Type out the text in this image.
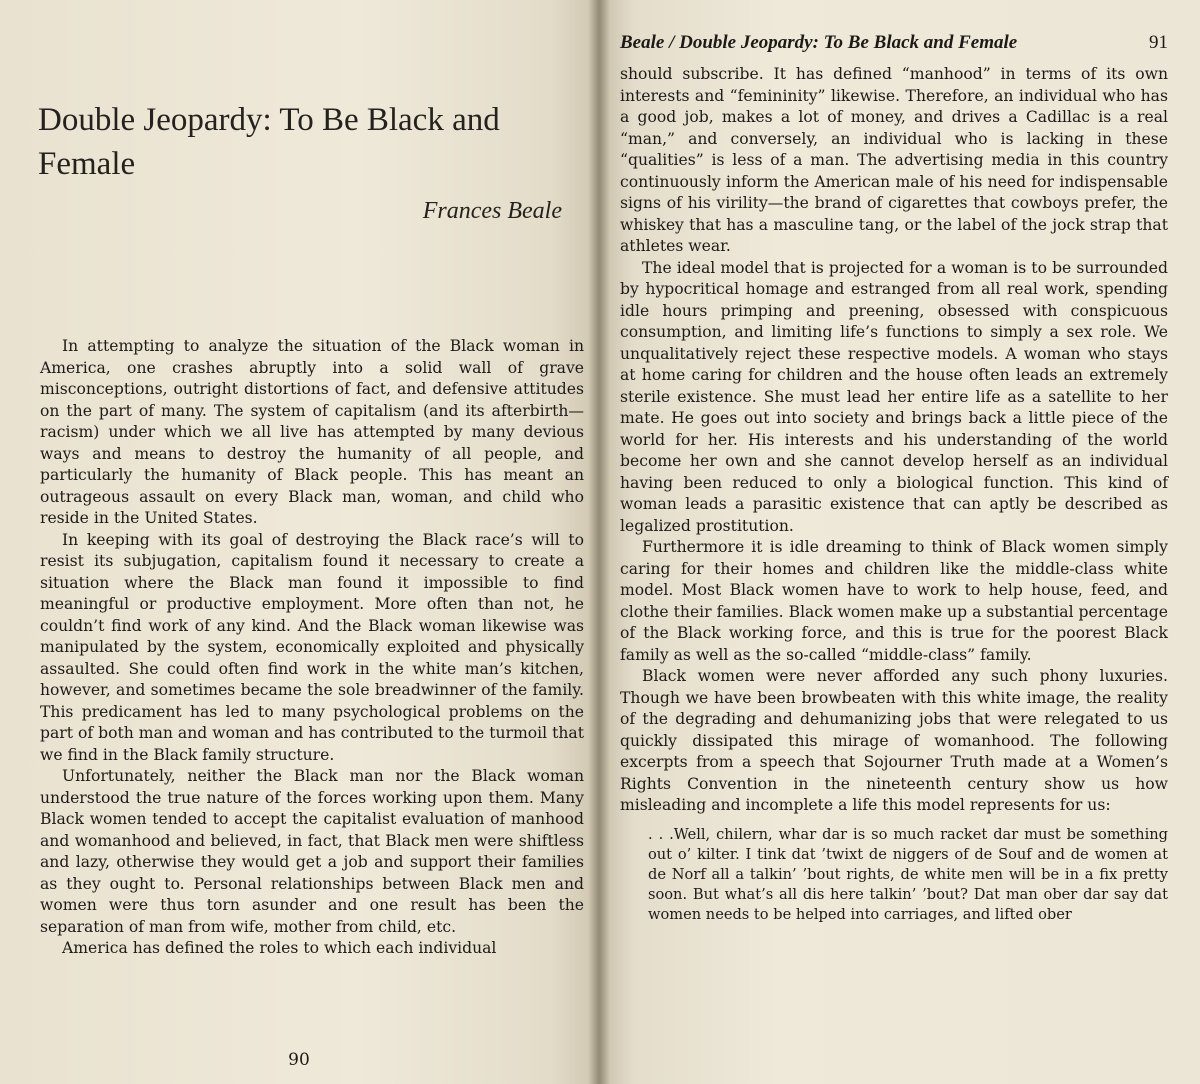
Double Jeopardy: To Be Black and Female
Frances Beale

In attempting to analyze the situation of the Black woman in America, one crashes abruptly into a solid wall of grave misconceptions, outright distortions of fact, and defensive attitudes on the part of many. The system of capitalism (and its afterbirth—racism) under which we all live has attempted by many devious ways and means to destroy the humanity of all people, and particularly the humanity of Black people. This has meant an outrageous assault on every Black man, woman, and child who reside in the United States.

In keeping with its goal of destroying the Black race’s will to resist its subjugation, capitalism found it necessary to create a situation where the Black man found it impossible to find meaningful or productive employment. More often than not, he couldn’t find work of any kind. And the Black woman likewise was manipulated by the system, economically exploited and physically assaulted. She could often find work in the white man’s kitchen, however, and sometimes became the sole breadwinner of the family. This predicament has led to many psychological problems on the part of both man and woman and has contributed to the turmoil that we find in the Black family structure.

Unfortunately, neither the Black man nor the Black woman understood the true nature of the forces working upon them. Many Black women tended to accept the capitalist evaluation of manhood and womanhood and believed, in fact, that Black men were shiftless and lazy, otherwise they would get a job and support their families as they ought to. Personal relationships between Black men and women were thus torn asunder and one result has been the separation of man from wife, mother from child, etc.

America has defined the roles to which each individual

90
Beale / Double Jeopardy: To Be Black and Female	91

should subscribe. It has defined “manhood” in terms of its own interests and “femininity” likewise. Therefore, an individual who has a good job, makes a lot of money, and drives a Cadillac is a real “man,” and conversely, an individual who is lacking in these “qualities” is less of a man. The advertising media in this country continuously inform the American male of his need for indispensable signs of his virility—the brand of cigarettes that cowboys prefer, the whiskey that has a masculine tang, or the label of the jock strap that athletes wear.

The ideal model that is projected for a woman is to be surrounded by hypocritical homage and estranged from all real work, spending idle hours primping and preening, obsessed with conspicuous consumption, and limiting life’s functions to simply a sex role. We unqualitatively reject these respective models. A woman who stays at home caring for children and the house often leads an extremely sterile existence. She must lead her entire life as a satellite to her mate. He goes out into society and brings back a little piece of the world for her. His interests and his understanding of the world become her own and she cannot develop herself as an individual having been reduced to only a biological function. This kind of woman leads a parasitic existence that can aptly be described as legalized prostitution.

Furthermore it is idle dreaming to think of Black women simply caring for their homes and children like the middle-class white model. Most Black women have to work to help house, feed, and clothe their families. Black women make up a substantial percentage of the Black working force, and this is true for the poorest Black family as well as the so-called “middle-class” family.

Black women were never afforded any such phony luxuries. Though we have been browbeaten with this white image, the reality of the degrading and dehumanizing jobs that were relegated to us quickly dissipated this mirage of womanhood. The following excerpts from a speech that Sojourner Truth made at a Women’s Rights Convention in the nineteenth century show us how misleading and incomplete a life this model represents for us:

. . .Well, chilern, whar dar is so much racket dar must be something out o’ kilter. I tink dat ’twixt de niggers of de Souf and de women at de Norf all a talkin’ ’bout rights, de white men will be in a fix pretty soon. But what’s all dis here talkin’ ’bout? Dat man ober dar say dat women needs to be helped into carriages, and lifted ober
